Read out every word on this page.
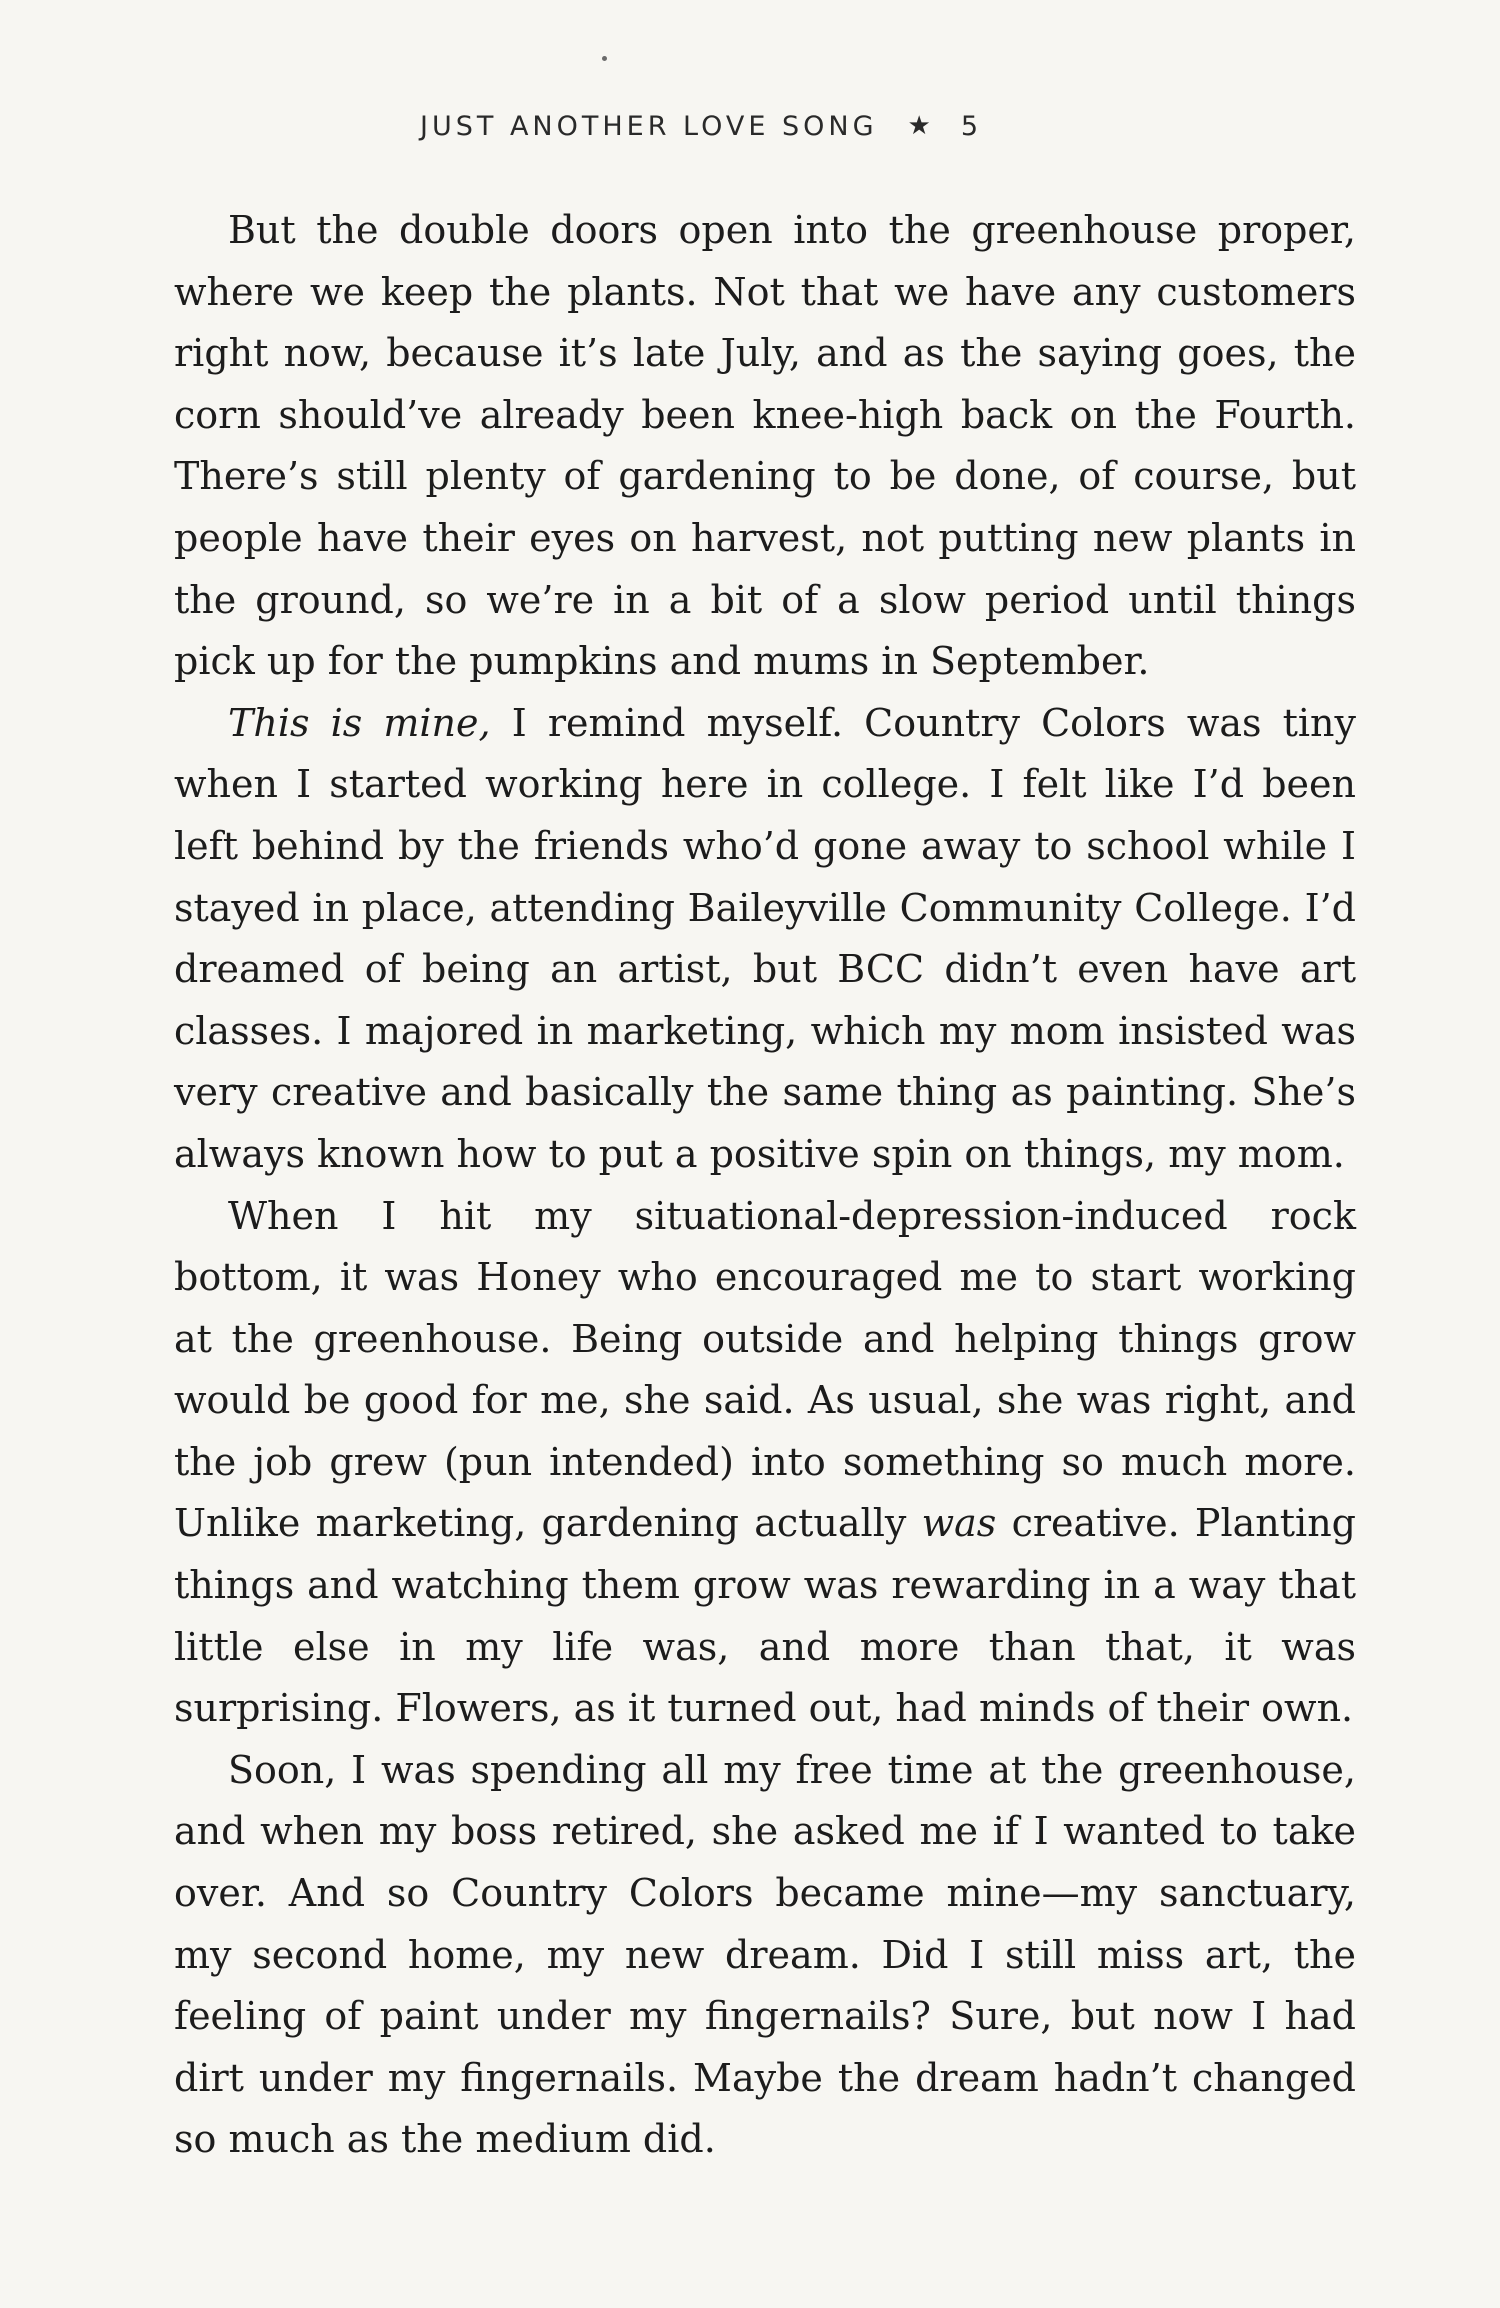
JUST ANOTHER LOVE SONG ★ 5

But the double doors open into the greenhouse proper, where we keep the plants. Not that we have any customers right now, because it’s late July, and as the saying goes, the corn should’ve already been knee-high back on the Fourth. There’s still plenty of gardening to be done, of course, but people have their eyes on harvest, not putting new plants in the ground, so we’re in a bit of a slow period until things pick up for the pumpkins and mums in September.

This is mine, I remind myself. Country Colors was tiny when I started working here in college. I felt like I’d been left behind by the friends who’d gone away to school while I stayed in place, attending Baileyville Community College. I’d dreamed of being an artist, but BCC didn’t even have art classes. I majored in marketing, which my mom insisted was very creative and basically the same thing as painting. She’s always known how to put a positive spin on things, my mom.

When I hit my situational-depression-induced rock bottom, it was Honey who encouraged me to start working at the greenhouse. Being outside and helping things grow would be good for me, she said. As usual, she was right, and the job grew (pun intended) into something so much more. Unlike marketing, gardening actually was creative. Planting things and watching them grow was rewarding in a way that little else in my life was, and more than that, it was surprising. Flowers, as it turned out, had minds of their own.

Soon, I was spending all my free time at the greenhouse, and when my boss retired, she asked me if I wanted to take over. And so Country Colors became mine—my sanctuary, my second home, my new dream. Did I still miss art, the feeling of paint under my fingernails? Sure, but now I had dirt under my fingernails. Maybe the dream hadn’t changed so much as the medium did.
